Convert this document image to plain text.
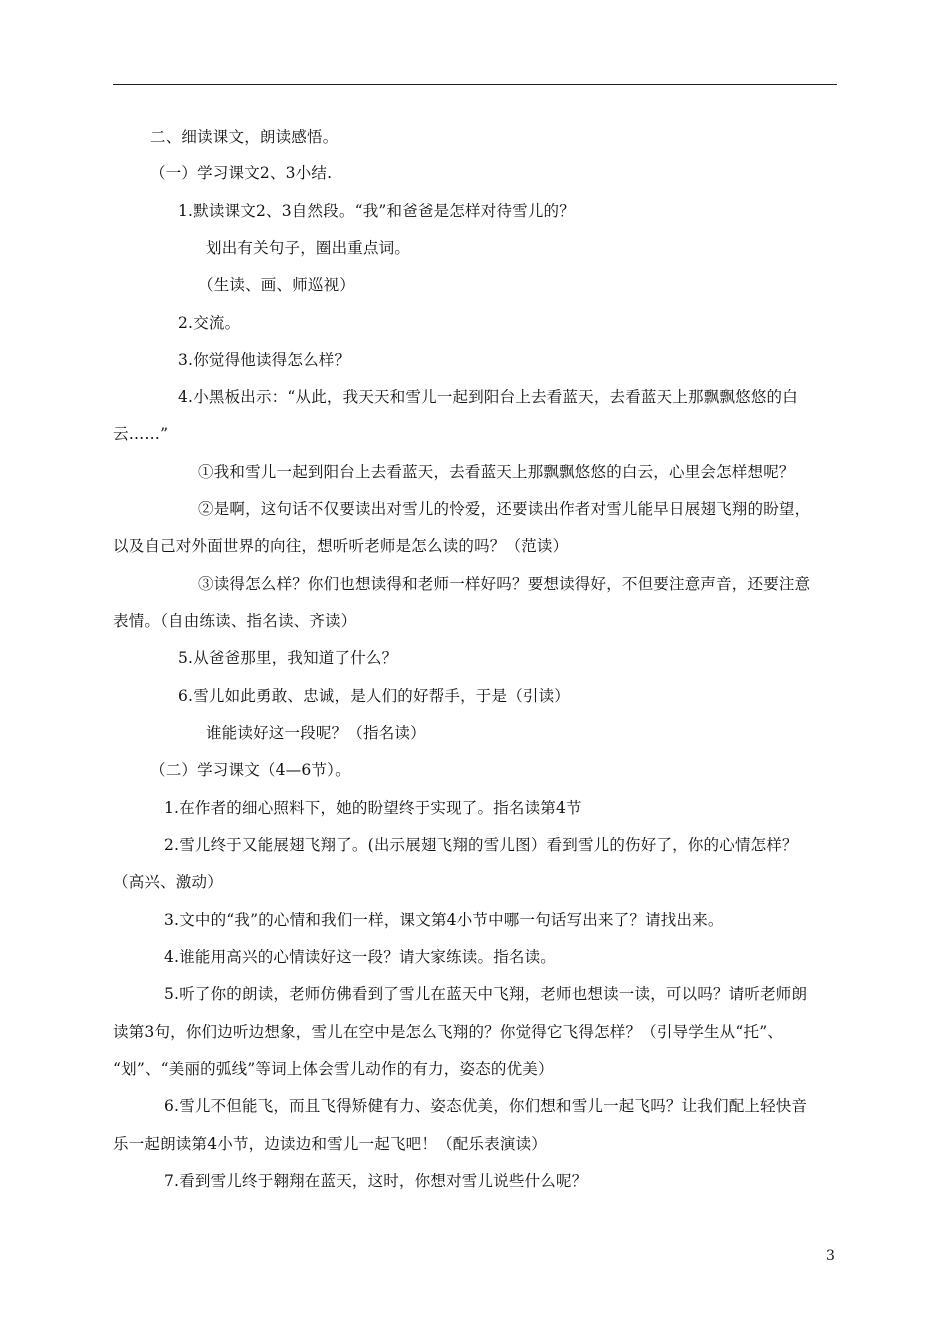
二、细读课文，朗读感悟。
（一）学习课文2、3小结.
1.默读课文2、3自然段。“我”和爸爸是怎样对待雪儿的？
划出有关句子，圈出重点词。
（生读、画、师巡视）
2.交流。
3.你觉得他读得怎么样？
4.小黑板出示：“从此，我天天和雪儿一起到阳台上去看蓝天，去看蓝天上那飘飘悠悠的白
云……”
①我和雪儿一起到阳台上去看蓝天，去看蓝天上那飘飘悠悠的白云，心里会怎样想呢？
②是啊，这句话不仅要读出对雪儿的怜爱，还要读出作者对雪儿能早日展翅飞翔的盼望，
以及自己对外面世界的向往，想听听老师是怎么读的吗？（范读）
③读得怎么样？你们也想读得和老师一样好吗？要想读得好，不但要注意声音，还要注意
表情。（自由练读、指名读、齐读）
5.从爸爸那里，我知道了什么？
6.雪儿如此勇敢、忠诚，是人们的好帮手，于是（引读）
谁能读好这一段呢？（指名读）
（二）学习课文（4—6节）。
1.在作者的细心照料下，她的盼望终于实现了。指名读第4节
2.雪儿终于又能展翅飞翔了。(出示展翅飞翔的雪儿图）看到雪儿的伤好了，你的心情怎样？
（高兴、激动）
3.文中的“我”的心情和我们一样，课文第4小节中哪一句话写出来了？请找出来。
4.谁能用高兴的心情读好这一段？请大家练读。指名读。
5.听了你的朗读，老师仿佛看到了雪儿在蓝天中飞翔，老师也想读一读，可以吗？请听老师朗
读第3句，你们边听边想象，雪儿在空中是怎么飞翔的？你觉得它飞得怎样？（引导学生从“托”、
“划”、“美丽的弧线”等词上体会雪儿动作的有力，姿态的优美）
6.雪儿不但能飞，而且飞得矫健有力、姿态优美，你们想和雪儿一起飞吗？让我们配上轻快音
乐一起朗读第4小节，边读边和雪儿一起飞吧！（配乐表演读）
7.看到雪儿终于翱翔在蓝天，这时，你想对雪儿说些什么呢？
3
